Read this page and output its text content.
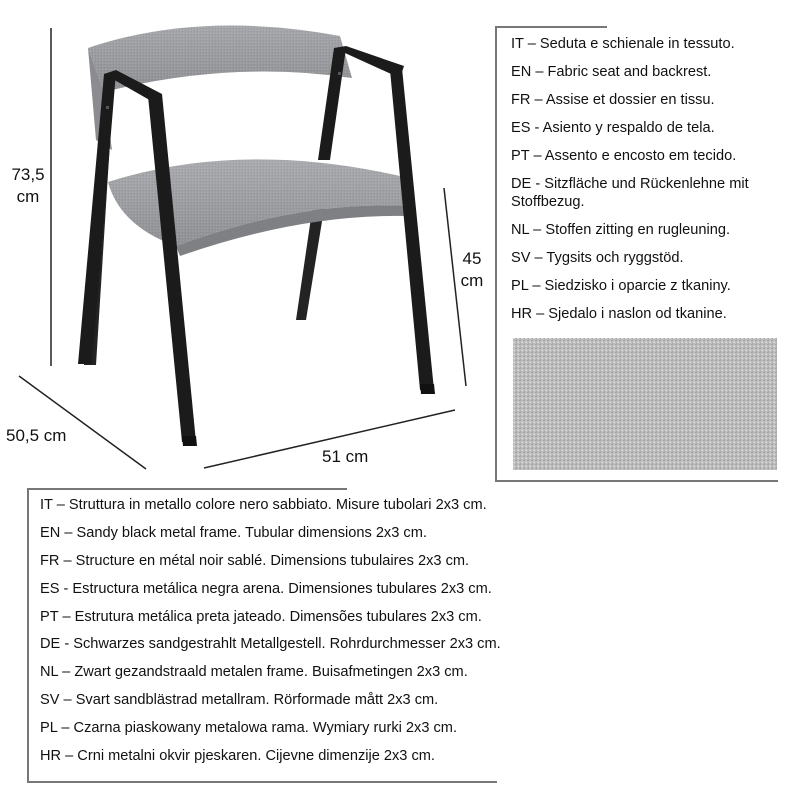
73,5 cm
45 cm
50,5 cm
51 cm
IT – Seduta e schienale in tessuto.
EN – Fabric seat and backrest.
FR – Assise et dossier en tissu.
ES - Asiento y respaldo de tela.
PT – Assento e encosto em tecido.
DE - Sitzfläche und Rückenlehne mit Stoffbezug.
NL – Stoffen zitting en rugleuning.
SV – Tygsits och ryggstöd.
PL – Siedzisko i oparcie z tkaniny.
HR – Sjedalo i naslon od tkanine.
IT – Struttura in metallo colore nero sabbiato. Misure tubolari 2x3 cm.
EN – Sandy black metal frame. Tubular dimensions 2x3 cm.
FR – Structure en métal noir sablé. Dimensions tubulaires 2x3 cm.
ES - Estructura metálica negra arena. Dimensiones tubulares 2x3 cm.
PT – Estrutura metálica preta jateado. Dimensões tubulares 2x3 cm.
DE - Schwarzes sandgestrahlt Metallgestell. Rohrdurchmesser 2x3 cm.
NL – Zwart gezandstraald metalen frame. Buisafmetingen 2x3 cm.
SV – Svart sandblästrad metallram. Rörformade mått 2x3 cm.
PL – Czarna piaskowany metalowa rama. Wymiary rurki 2x3 cm.
HR – Crni metalni okvir pjeskaren. Cijevne dimenzije 2x3 cm.
